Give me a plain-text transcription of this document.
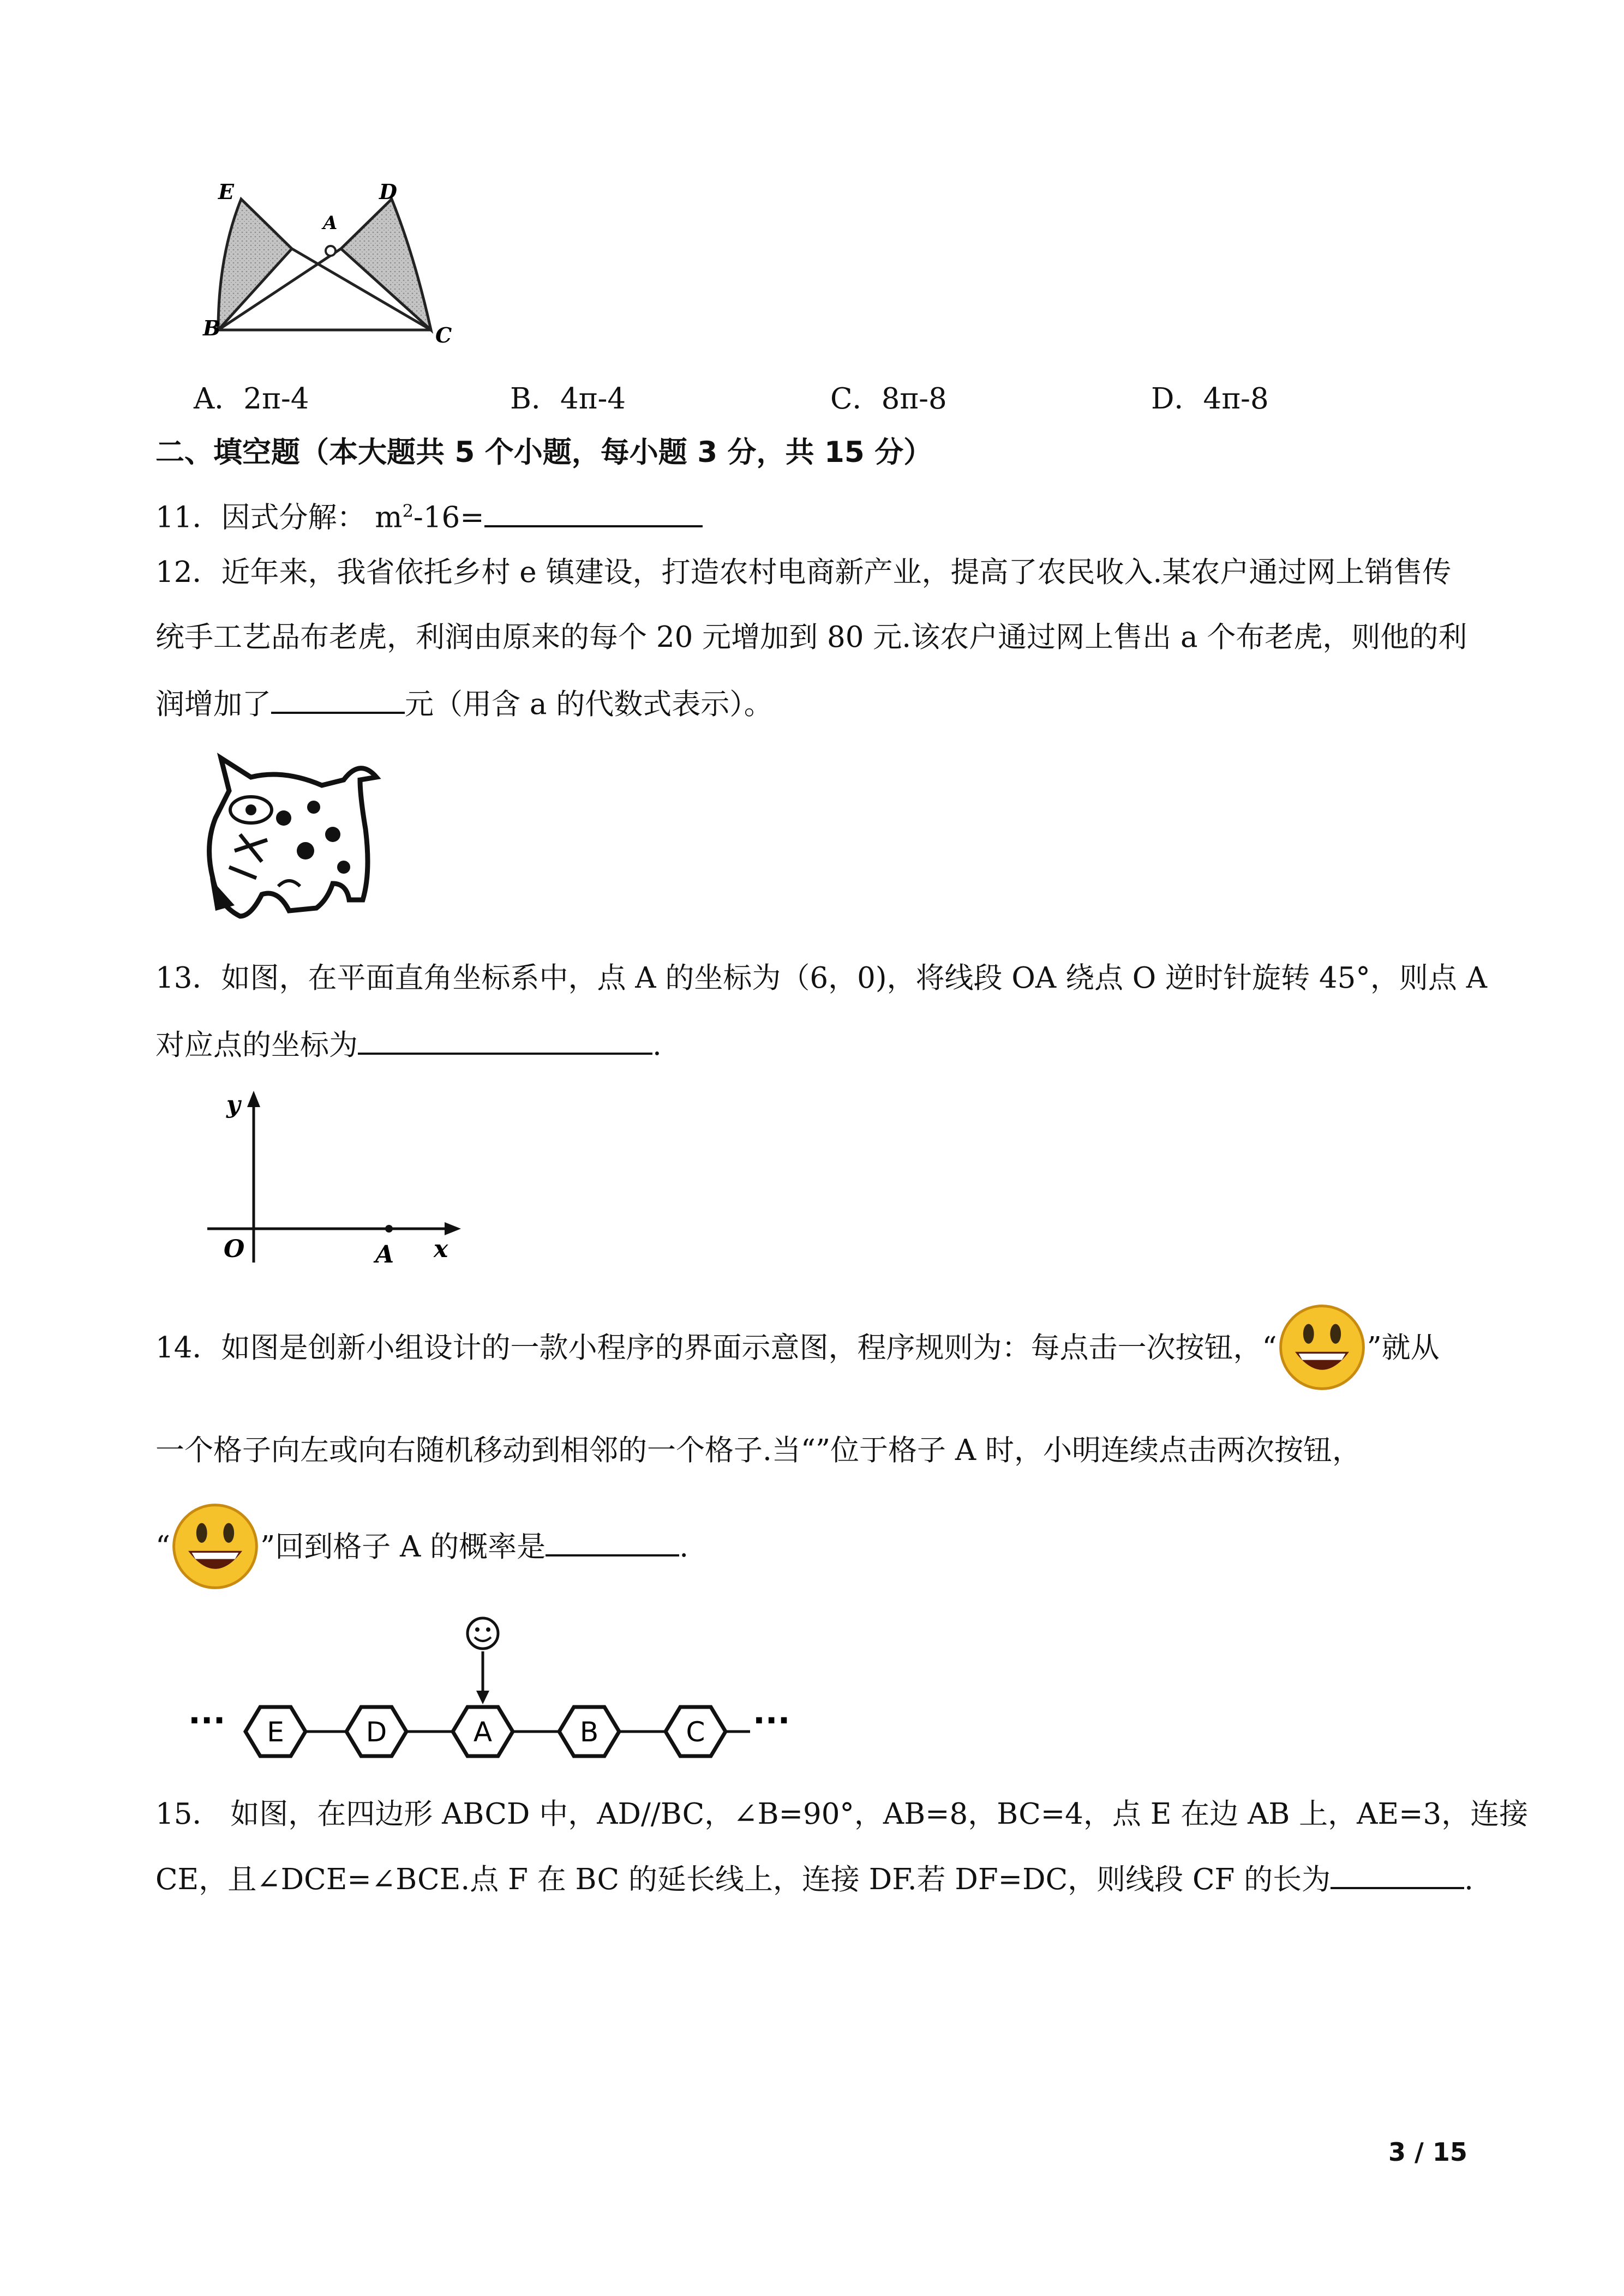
E
A
D
B	C
A．2π-4	B．4π-4	C．8π-8	D．4π-8
二、填空题（本大题共 5 个小题，每小题 3 分，共 15 分）
11．因式分解： $m^2-16=$
12．近年来，我省依托乡村 e 镇建设，打造农村电商新产业，提高了农民收入.某农户通过网上销售传
统手工艺品布老虎，利润由原来的每个 20 元增加到 80 元.该农户通过网上售出 a 个布老虎，则他的利
润增加了	元（用含 a 的代数式表示）。
13．如图，在平面直角坐标系中，点 A 的坐标为（6，0)，将线段 OA 绕点 O 逆时针旋转 45°，则点 A
对应点的坐标为	.
y
O	A x
14．如图是创新小组设计的一款小程序的界面示意图，程序规则为：每点击一次按钮，“	”就从
一个格子向左或向右随机移动到相邻的一个格子.当“”位于格子 A 时，小明连续点击两次按钮，
“	”回到格子 A 的概率是	.
··· E	D	A	B	C ···
15． 如图，在四边形 ABCD 中，AD//BC，∠B=90°，AB=8，BC=4，点 E 在边 AB 上，AE=3，连接
CE，且∠DCE=∠BCE.点 F 在 BC 的延长线上，连接 DF.若 DF=DC，则线段 CF 的长为	.
3 / 15
